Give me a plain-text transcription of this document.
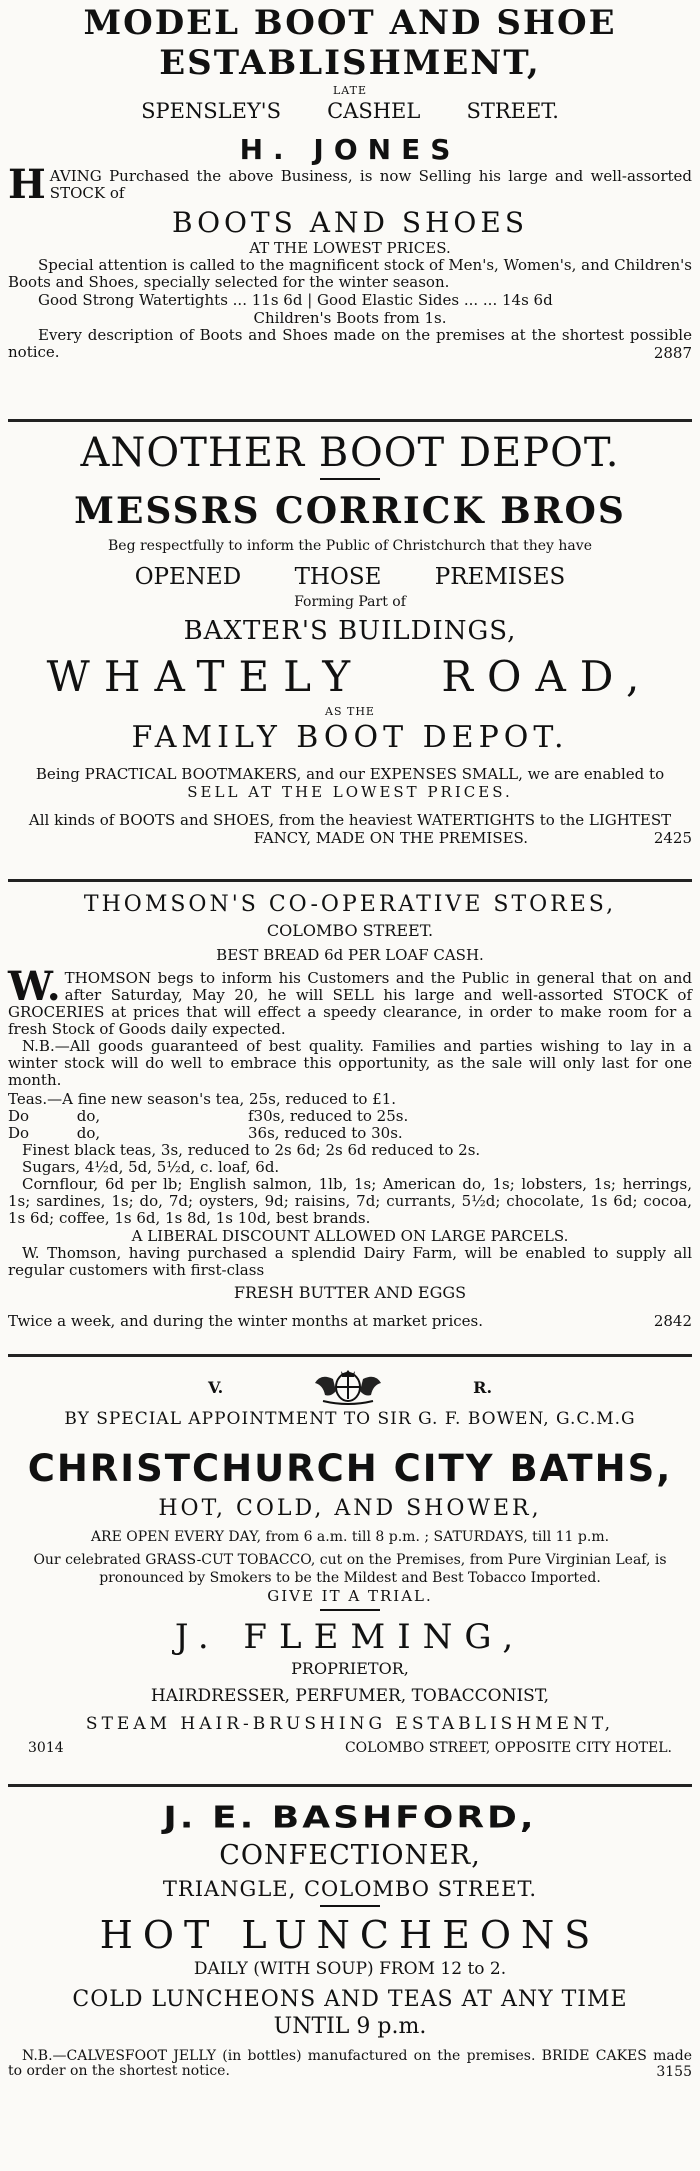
MODEL BOOT AND SHOE
ESTABLISHMENT,
LATE
SPENSLEY'S CASHEL STREET.
H. JONES
H AVING Purchased the above Business, is now Selling his large and well-assorted STOCK of
BOOTS AND SHOES
AT THE LOWEST PRICES.
Special attention is called to the magnificent stock of Men's, Women's, and Children's Boots and Shoes, specially selected for the winter season.
Good Strong Watertights ... 11s 6d | Good Elastic Sides ... ... 14s 6d
Children's Boots from 1s.
Every description of Boots and Shoes made on the premises at the shortest possible notice.	2887
ANOTHER BOOT DEPOT.
MESSRS CORRICK BROS
Beg respectfully to inform the Public of Christchurch that they have
OPENED THOSE PREMISES
Forming Part of
BAXTER'S BUILDINGS,
WHATELY ROAD,
AS THE
FAMILY BOOT DEPOT.
Being PRACTICAL BOOTMAKERS, and our EXPENSES SMALL, we are enabled to
SELL AT THE LOWEST PRICES.
All kinds of BOOTS and SHOES, from the heaviest WATERTIGHTS to the LIGHTEST
FANCY, MADE ON THE PREMISES.	2425
THOMSON'S CO-OPERATIVE STORES,
COLOMBO STREET.
BEST BREAD 6d PER LOAF CASH.
W. THOMSON begs to inform his Customers and the Public in general that on and after Saturday, May 20, he will SELL his large and well-assorted STOCK of GROCERIES at prices that will effect a speedy clearance, in order to make room for a fresh Stock of Goods daily expected.
N.B.—All goods guaranteed of best quality. Families and parties wishing to lay in a winter stock will do well to embrace this opportunity, as the sale will only last for one month.
Teas.—A fine new season's tea, 25s, reduced to £1.
Do          do,	f30s, reduced to 25s.
Do          do,	36s, reduced to 30s.
Finest black teas, 3s, reduced to 2s 6d; 2s 6d reduced to 2s.
Sugars, 4½d, 5d, 5½d, c. loaf, 6d.
Cornflour, 6d per lb; English salmon, 1lb, 1s; American do, 1s; lobsters, 1s; herrings, 1s; sardines, 1s; do, 7d; oysters, 9d; raisins, 7d; currants, 5½d; chocolate, 1s 6d; cocoa, 1s 6d; coffee, 1s 6d, 1s 8d, 1s 10d, best brands.
A LIBERAL DISCOUNT ALLOWED ON LARGE PARCELS.
W. Thomson, having purchased a splendid Dairy Farm, will be enabled to supply all regular customers with first-class
FRESH BUTTER AND EGGS
Twice a week, and during the winter months at market prices.	2842
V.	R.
BY SPECIAL APPOINTMENT TO SIR G. F. BOWEN, G.C.M.G
CHRISTCHURCH CITY BATHS,
HOT, COLD, AND SHOWER,
ARE OPEN EVERY DAY, from 6 a.m. till 8 p.m. ; SATURDAYS, till 11 p.m.
Our celebrated GRASS-CUT TOBACCO, cut on the Premises, from Pure Virginian Leaf, is pronounced by Smokers to be the Mildest and Best Tobacco Imported.
GIVE IT A TRIAL.
J. FLEMING,
PROPRIETOR,
HAIRDRESSER, PERFUMER, TOBACCONIST,
STEAM HAIR-BRUSHING ESTABLISHMENT,
3014	COLOMBO STREET, OPPOSITE CITY HOTEL.
J. E. BASHFORD,
CONFECTIONER,
TRIANGLE, COLOMBO STREET.
HOT LUNCHEONS
DAILY (WITH SOUP) FROM 12 to 2.
COLD LUNCHEONS AND TEAS AT ANY TIME
UNTIL 9 p.m.
N.B.—CALVESFOOT JELLY (in bottles) manufactured on the premises. BRIDE CAKES made to order on the shortest notice.	3155
